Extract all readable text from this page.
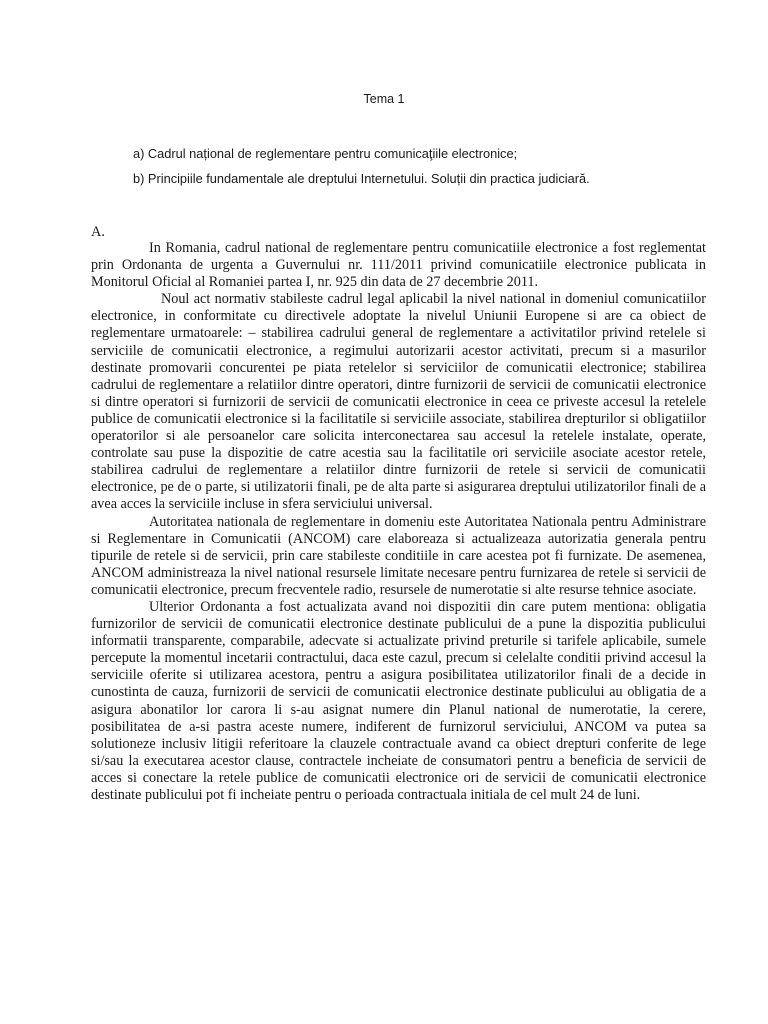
Tema 1
a) Cadrul național de reglementare pentru comunicaţiile electronice;
b) Principiile fundamentale ale dreptului Internetului. Soluții din practica judiciară.
A.

In Romania, cadrul national de reglementare pentru comunicatiile electronice a fost reglementat prin Ordonanta de urgenta a Guvernului nr. 111/2011 privind comunicatiile electronice publicata in Monitorul Oficial al Romaniei partea I, nr. 925 din data de 27 decembrie 2011.

Noul act normativ stabileste cadrul legal aplicabil la nivel national in domeniul comunicatiilor electronice, in conformitate cu directivele adoptate la nivelul Uniunii Europene si are ca obiect de reglementare urmatoarele: – stabilirea cadrului general de reglementare a activitatilor privind retelele si serviciile de comunicatii electronice, a regimului autorizarii acestor activitati, precum si a masurilor destinate promovarii concurentei pe piata retelelor si serviciilor de comunicatii electronice; stabilirea cadrului de reglementare a relatiilor dintre operatori, dintre furnizorii de servicii de comunicatii electronice si dintre operatori si furnizorii de servicii de comunicatii electronice in ceea ce priveste accesul la retelele publice de comunicatii electronice si la facilitatile si serviciile associate, stabilirea drepturilor si obligatiilor operatorilor si ale persoanelor care solicita interconectarea sau accesul la retelele instalate, operate, controlate sau puse la dispozitie de catre acestia sau la facilitatile ori serviciile asociate acestor retele, stabilirea cadrului de reglementare a relatiilor dintre furnizorii de retele si servicii de comunicatii electronice, pe de o parte, si utilizatorii finali, pe de alta parte si asigurarea dreptului utilizatorilor finali de a avea acces la serviciile incluse in sfera serviciului universal.

Autoritatea nationala de reglementare in domeniu este Autoritatea Nationala pentru Administrare si Reglementare in Comunicatii (ANCOM) care elaboreaza si actualizeaza autorizatia generala pentru tipurile de retele si de servicii, prin care stabileste conditiile in care acestea pot fi furnizate. De asemenea, ANCOM administreaza la nivel national resursele limitate necesare pentru furnizarea de retele si servicii de comunicatii electronice, precum frecventele radio, resursele de numerotatie si alte resurse tehnice asociate.

Ulterior Ordonanta a fost actualizata avand noi dispozitii din care putem mentiona: obligatia furnizorilor de servicii de comunicatii electronice destinate publicului de a pune la dispozitia publicului informatii transparente, comparabile, adecvate si actualizate privind preturile si tarifele aplicabile, sumele percepute la momentul incetarii contractului, daca este cazul, precum si celelalte conditii privind accesul la serviciile oferite si utilizarea acestora, pentru a asigura posibilitatea utilizatorilor finali de a decide in cunostinta de cauza, furnizorii de servicii de comunicatii electronice destinate publicului au obligatia de a asigura abonatilor lor carora li s-au asignat numere din Planul national de numerotatie, la cerere, posibilitatea de a-si pastra aceste numere, indiferent de furnizorul serviciului, ANCOM va putea sa solutioneze inclusiv litigii referitoare la clauzele contractuale avand ca obiect drepturi conferite de lege si/sau la executarea acestor clause, contractele incheiate de consumatori pentru a beneficia de servicii de acces si conectare la retele publice de comunicatii electronice ori de servicii de comunicatii electronice destinate publicului pot fi incheiate pentru o perioada contractuala initiala de cel mult 24 de luni.
